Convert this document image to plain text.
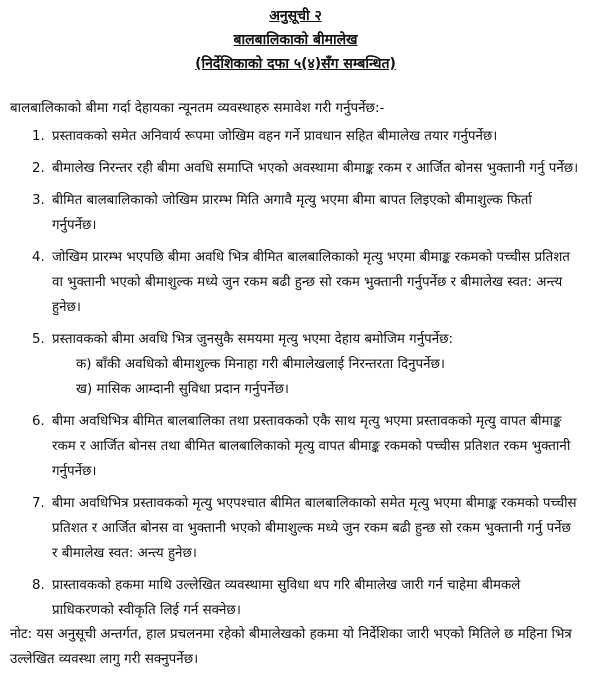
अनुसूची २
बालबालिकाको बीमालेख
(निर्देशिकाको दफा ५(४)सँग सम्बन्धित)
बालबालिकाको बीमा गर्दा देहायका न्यूनतम व्यवस्थाहरु समावेश गरी गर्नुपर्नेछ:-
1. प्रस्तावकको समेत अनिवार्य रूपमा जोखिम वहन गर्ने प्रावधान सहित बीमालेख तयार गर्नुपर्नेछ।
2. बीमालेख निरन्तर रही बीमा अवधि समाप्ति भएको अवस्थामा बीमाङ्क रकम र आर्जित बोनस भुक्तानी गर्नु पर्नेछ।
3. बीमित बालबालिकाको जोखिम प्रारम्भ मिति अगावै मृत्यु भएमा बीमा बापत लिइएको बीमाशुल्क फिर्ता गर्नुपर्नेछ।
4. जोखिम प्रारम्भ भएपछि बीमा अवधि भित्र बीमित बालबालिकाको मृत्यु भएमा बीमाङ्क रकमको पच्चीस प्रतिशत वा भुक्तानी भएको बीमाशुल्क मध्ये जुन रकम बढी हुन्छ सो रकम भुक्तानी गर्नुपर्नेछ र बीमालेख स्वत: अन्त्य हुनेछ।
5. प्रस्तावकको बीमा अवधि भित्र जुनसुकै समयमा मृत्यु भएमा देहाय बमोजिम गर्नुपर्नेछ:
क) बाँकी अवधिको बीमाशुल्क मिनाहा गरी बीमालेखलाई निरन्तरता दिनुपर्नेछ।
ख) मासिक आम्दानी सुविधा प्रदान गर्नुपर्नेछ।
6. बीमा अवधिभित्र बीमित बालबालिका तथा प्रस्तावकको एकै साथ मृत्यु भएमा प्रस्तावकको मृत्यु वापत बीमाङ्क रकम र आर्जित बोनस तथा बीमित बालबालिकाको मृत्यु वापत बीमाङ्क रकमको पच्चीस प्रतिशत रकम भुक्तानी गर्नुपर्नेछ।
7. बीमा अवधिभित्र प्रस्तावकको मृत्यु भएपश्चात बीमित बालबालिकाको समेत मृत्यु भएमा बीमाङ्क रकमको पच्चीस प्रतिशत र आर्जित बोनस वा भुक्तानी भएको बीमाशुल्क मध्ये जुन रकम बढी हुन्छ सो रकम भुक्तानी गर्नु पर्नेछ र बीमालेख स्वत: अन्त्य हुनेछ।
8. प्रास्तावकको हकमा माथि उल्लेखित व्यवस्थामा सुविधा थप गरि बीमालेख जारी गर्न चाहेमा बीमकले प्राधिकरणको स्वीकृति लिई गर्न सक्नेछ।
नोट: यस अनुसूची अन्तर्गत, हाल प्रचलनमा रहेको बीमालेखको हकमा यो निर्देशिका जारी भएको मितिले छ महिना भित्र उल्लेखित व्यवस्था लागु गरी सक्नुपर्नेछ।
